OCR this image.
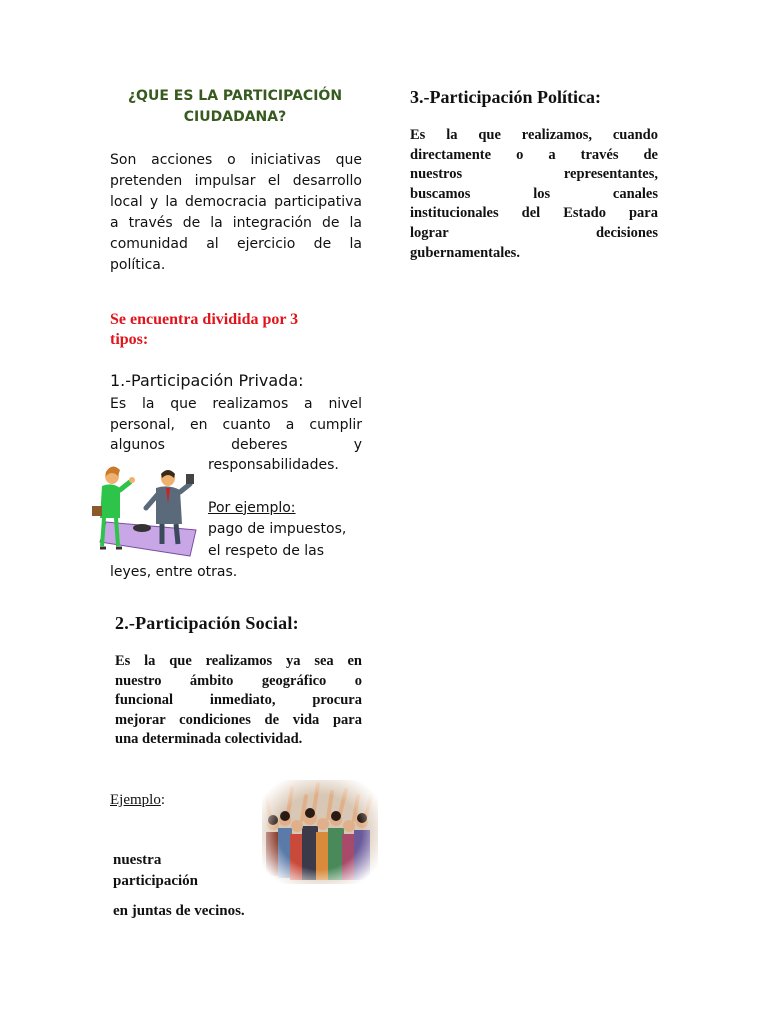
¿QUE ES LA PARTICIPACIÓN
CIUDADANA?
Son acciones o iniciativas que
pretenden impulsar el desarrollo
local y la democracia participativa
a través de la integración de la
comunidad al ejercicio de la
política.
Se encuentra dividida por 3
tipos:
1.-Participación Privada:
Es la que realizamos a nivel
personal, en cuanto a cumplir
algunos deberes y
responsabilidades.
Por ejemplo:
pago de impuestos,
el respeto de las
leyes, entre otras.
2.-Participación Social:
Es la que realizamos ya sea en
nuestro ámbito geográfico o
funcional inmediato, procura
mejorar condiciones de vida para
una determinada colectividad.
Ejemplo:
nuestra
participación
en juntas de vecinos.
3.-Participación Política:
Es la que realizamos, cuando
directamente o a través de
nuestros representantes,
buscamos los canales
institucionales del Estado para
lograr decisiones
gubernamentales.
